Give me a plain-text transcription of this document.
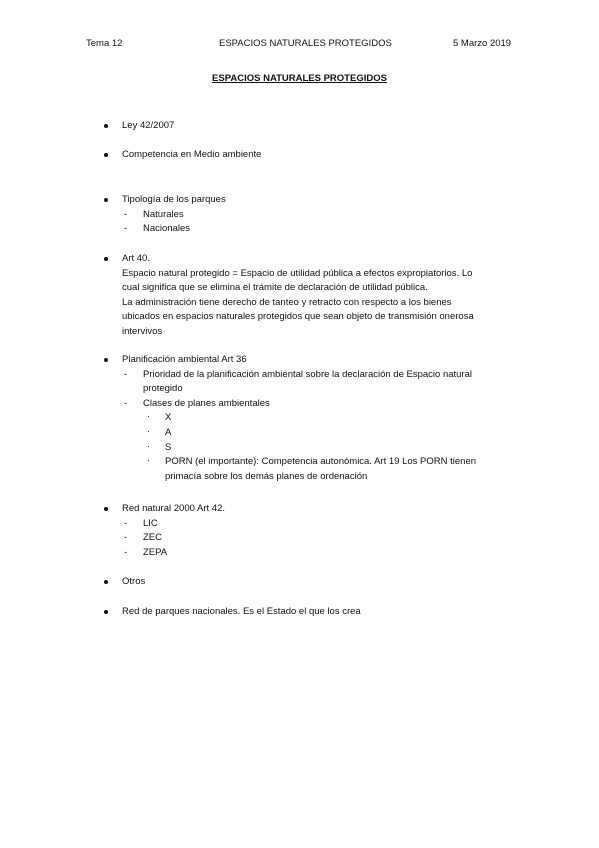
Tema 12	ESPACIOS NATURALES PROTEGIDOS	5 Marzo 2019
ESPACIOS NATURALES PROTEGIDOS
Ley 42/2007
Competencia en Medio ambiente
Tipología de los parques
- Naturales
- Nacionales
Art 40.
Espacio natural protegido = Espacio de utilidad pública a efectos expropiatorios. Lo
cual significa que se elimina el trámite de declaración de utilidad pública.
La administración tiene derecho de tanteo y retracto con respecto a los bienes
ubicados en espacios naturales protegidos que sean objeto de transmisión onerosa
intervivos
Planificación ambiental Art 36
- Prioridad de la planificación ambiental sobre la declaración de Espacio natural protegido
- Clases de planes ambientales
· X
· A
· S
· PORN (el importante): Competencia autonómica. Art 19 Los PORN tienen primacía sobre los demás planes de ordenación
Red natural 2000 Art 42.
- LIC
- ZEC
- ZEPA
Otros
Red de parques nacionales. Es el Estado el que los crea
